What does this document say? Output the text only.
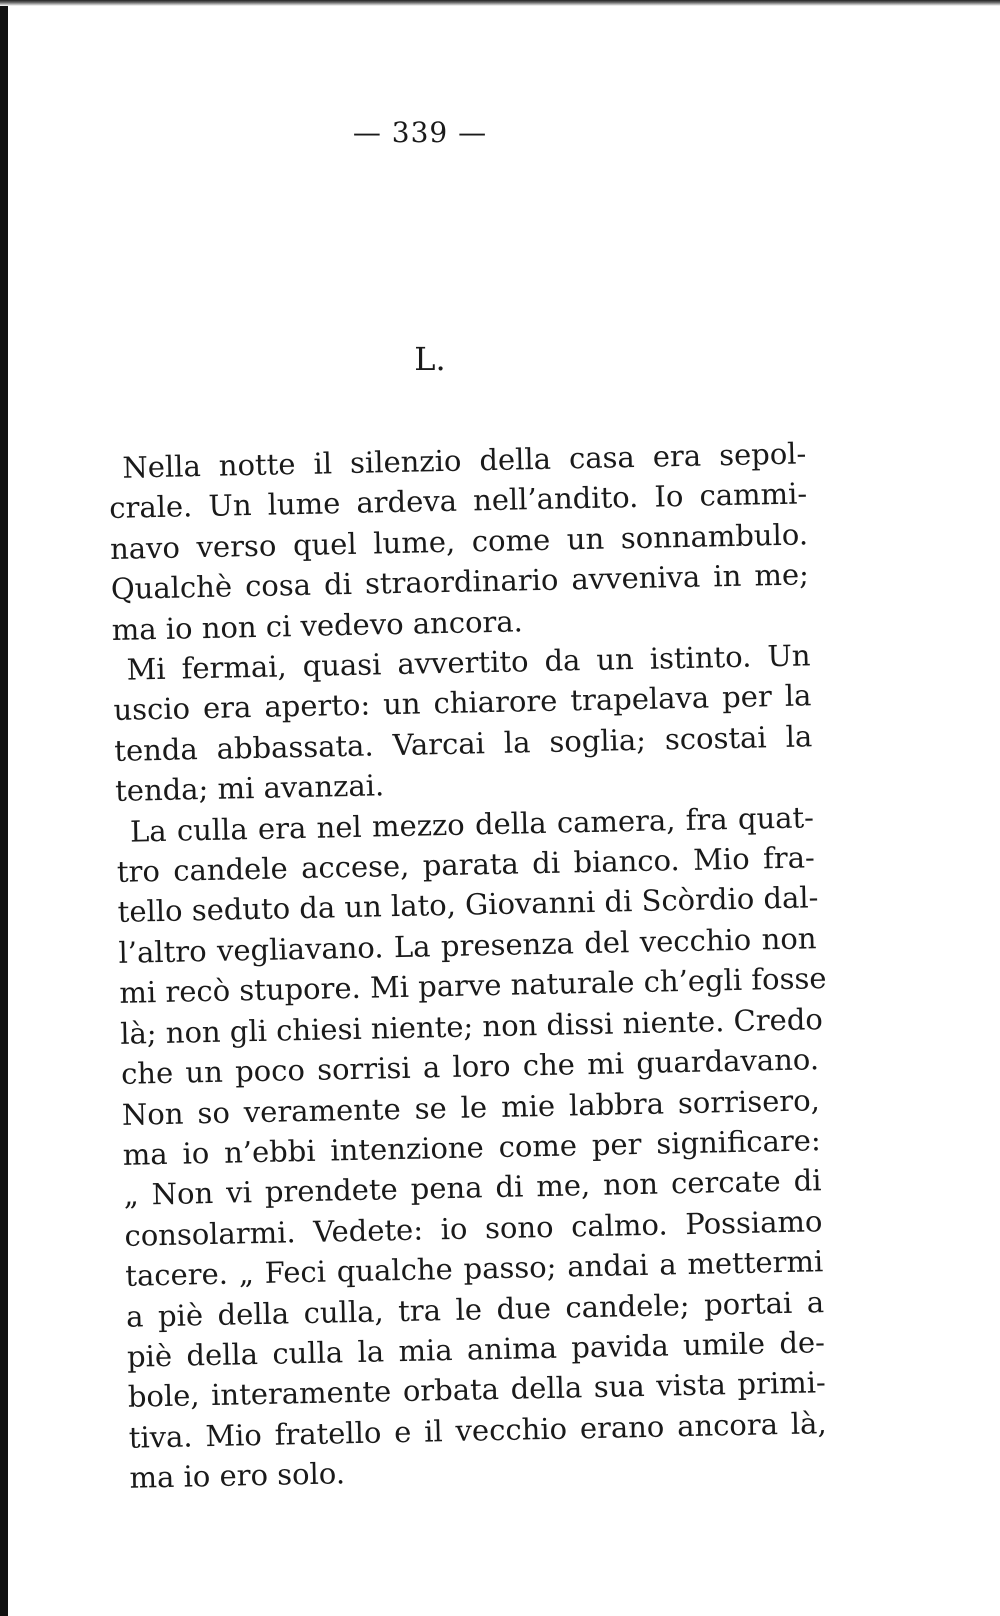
— 339 —
L.
Nella notte il silenzio della casa era sepol-
crale. Un lume ardeva nell’andito. Io cammi-
navo verso quel lume, come un sonnambulo.
Qualchè cosa di straordinario avveniva in me;
ma io non ci vedevo ancora.
Mi fermai, quasi avvertito da un istinto. Un
uscio era aperto: un chiarore trapelava per la
tenda abbassata. Varcai la soglia; scostai la
tenda; mi avanzai.
La culla era nel mezzo della camera, fra quat-
tro candele accese, parata di bianco. Mio fra-
tello seduto da un lato, Giovanni di Scòrdio dal-
l’altro vegliavano. La presenza del vecchio non
mi recò stupore. Mi parve naturale ch’egli fosse
là; non gli chiesi niente; non dissi niente. Credo
che un poco sorrisi a loro che mi guardavano.
Non so veramente se le mie labbra sorrisero,
ma io n’ebbi intenzione come per significare:
„ Non vi prendete pena di me, non cercate di
consolarmi. Vedete: io sono calmo. Possiamo
tacere. „ Feci qualche passo; andai a mettermi
a piè della culla, tra le due candele; portai a
piè della culla la mia anima pavida umile de-
bole, interamente orbata della sua vista primi-
tiva. Mio fratello e il vecchio erano ancora là,
ma io ero solo.
